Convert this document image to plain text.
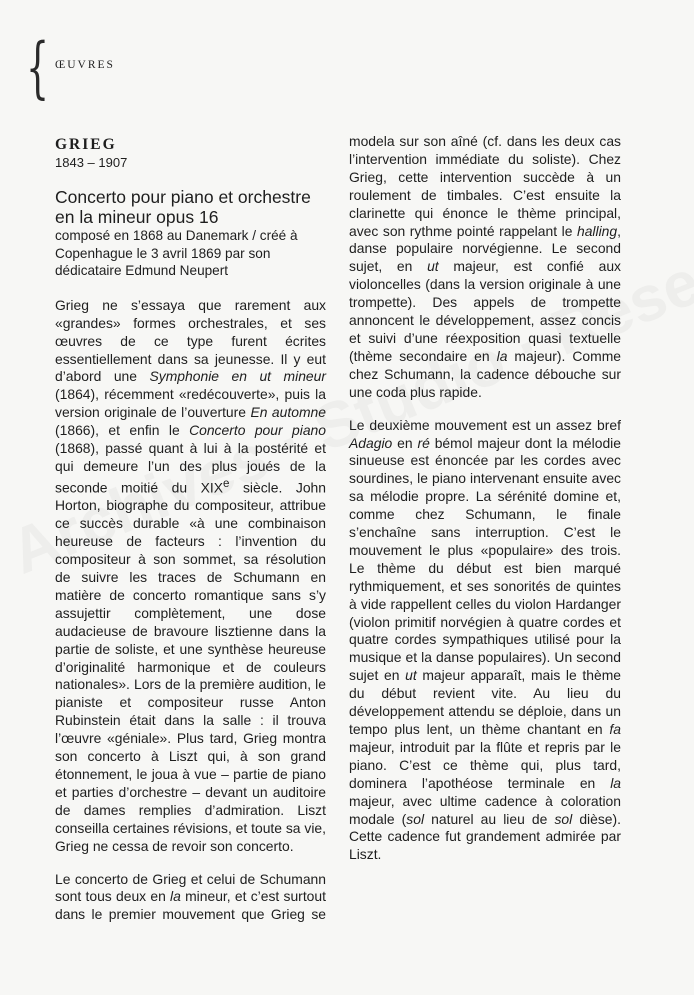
{ ŒUVRES
GRIEG
1843 – 1907
Concerto pour piano et orchestre
en la mineur opus 16
composé en 1868 au Danemark / créé à Copenhague le 3 avril 1869 par son dédicataire Edmund Neupert

Grieg ne s’essaya que rarement aux «grandes» formes orchestrales, et ses œuvres de ce type furent écrites essentiellement dans sa jeunesse. Il y eut d’abord une Symphonie en ut mineur (1864), récemment «redécouverte», puis la version originale de l’ouverture En automne (1866), et enfin le Concerto pour piano (1868), passé quant à lui à la postérité et qui demeure l’un des plus joués de la seconde moitié du XIXe siècle. John Horton, biographe du compositeur, attribue ce succès durable «à une combinaison heureuse de facteurs : l’invention du compositeur à son sommet, sa résolution de suivre les traces de Schumann en matière de concerto romantique sans s’y assujettir complètement, une dose audacieuse de bravoure lisztienne dans la partie de soliste, et une synthèse heureuse d’originalité harmonique et de couleurs nationales». Lors de la première audition, le pianiste et compositeur russe Anton Rubinstein était dans la salle : il trouva l’œuvre «géniale». Plus tard, Grieg montra son concerto à Liszt qui, à son grand étonnement, le joua à vue – partie de piano et parties d’orchestre – devant un auditoire de dames remplies d’admiration. Liszt conseilla certaines révisions, et toute sa vie, Grieg ne cessa de revoir son concerto.

Le concerto de Grieg et celui de Schumann sont tous deux en la mineur, et c’est surtout dans le premier mouvement que Grieg se

modela sur son aîné (cf. dans les deux cas l’intervention immédiate du soliste). Chez Grieg, cette intervention succède à un roulement de timbales. C’est ensuite la clarinette qui énonce le thème principal, avec son rythme pointé rappelant le halling, danse populaire norvégienne. Le second sujet, en ut majeur, est confié aux violoncelles (dans la version originale à une trompette). Des appels de trompette annoncent le développement, assez concis et suivi d’une réexposition quasi textuelle (thème secondaire en la majeur). Comme chez Schumann, la cadence débouche sur une coda plus rapide.

Le deuxième mouvement est un assez bref Adagio en ré bémol majeur dont la mélodie sinueuse est énoncée par les cordes avec sourdines, le piano intervenant ensuite avec sa mélodie propre. La sérénité domine et, comme chez Schumann, le finale s’enchaîne sans interruption. C’est le mouvement le plus «populaire» des trois. Le thème du début est bien marqué rythmiquement, et ses sonorités de quintes à vide rappellent celles du violon Hardanger (violon primitif norvégien à quatre cordes et quatre cordes sympathiques utilisé pour la musique et la danse populaires). Un second sujet en ut majeur apparaît, mais le thème du début revient vite. Au lieu du développement attendu se déploie, dans un tempo plus lent, un thème chantant en fa majeur, introduit par la flûte et repris par le piano. C’est ce thème qui, plus tard, dominera l’apothéose terminale en la majeur, avec ultime cadence à coloration modale (sol naturel au lieu de sol dièse). Cette cadence fut grandement admirée par Liszt.
